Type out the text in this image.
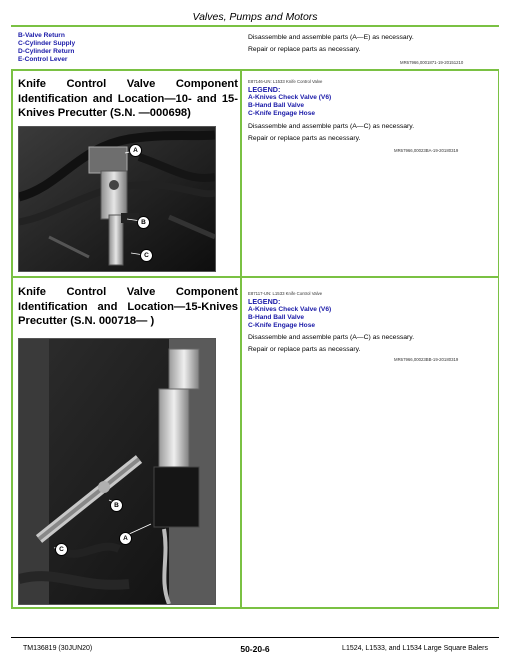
Valves, Pumps and Motors
B-Valve Return
C-Cylinder Supply
D-Cylinder Return
E-Control Lever
Disassemble and assemble parts (A—E) as necessary.
Repair or replace parts as necessary.
MR67966,0001871-19-20151210
Knife Control Valve Component Identification and Location—10- and 15-Knives Precutter (S.N. —000698)
A
B
C
E87146-UN: L1533 Knife Control Valve
LEGEND:
A-Knives Check Valve (V6)
B-Hand Ball Valve
C-Knife Engage Hose
Disassemble and assemble parts (A—C) as necessary.
Repair or replace parts as necessary.
MR67966,00023BA-19-20180319
Knife Control Valve Component Identification and Location—15-Knives Precutter (S.N. 000718— )
B
A
C
E87117-UN: L1533 Knife Control Valve
LEGEND:
A-Knives Check Valve (V6)
B-Hand Ball Valve
C-Knife Engage Hose
Disassemble and assemble parts (A—C) as necessary.
Repair or replace parts as necessary.
MR67966,00023BB-19-20180319
TM136819 (30JUN20)	50-20-6	L1524, L1533, and L1534 Large Square Balers
